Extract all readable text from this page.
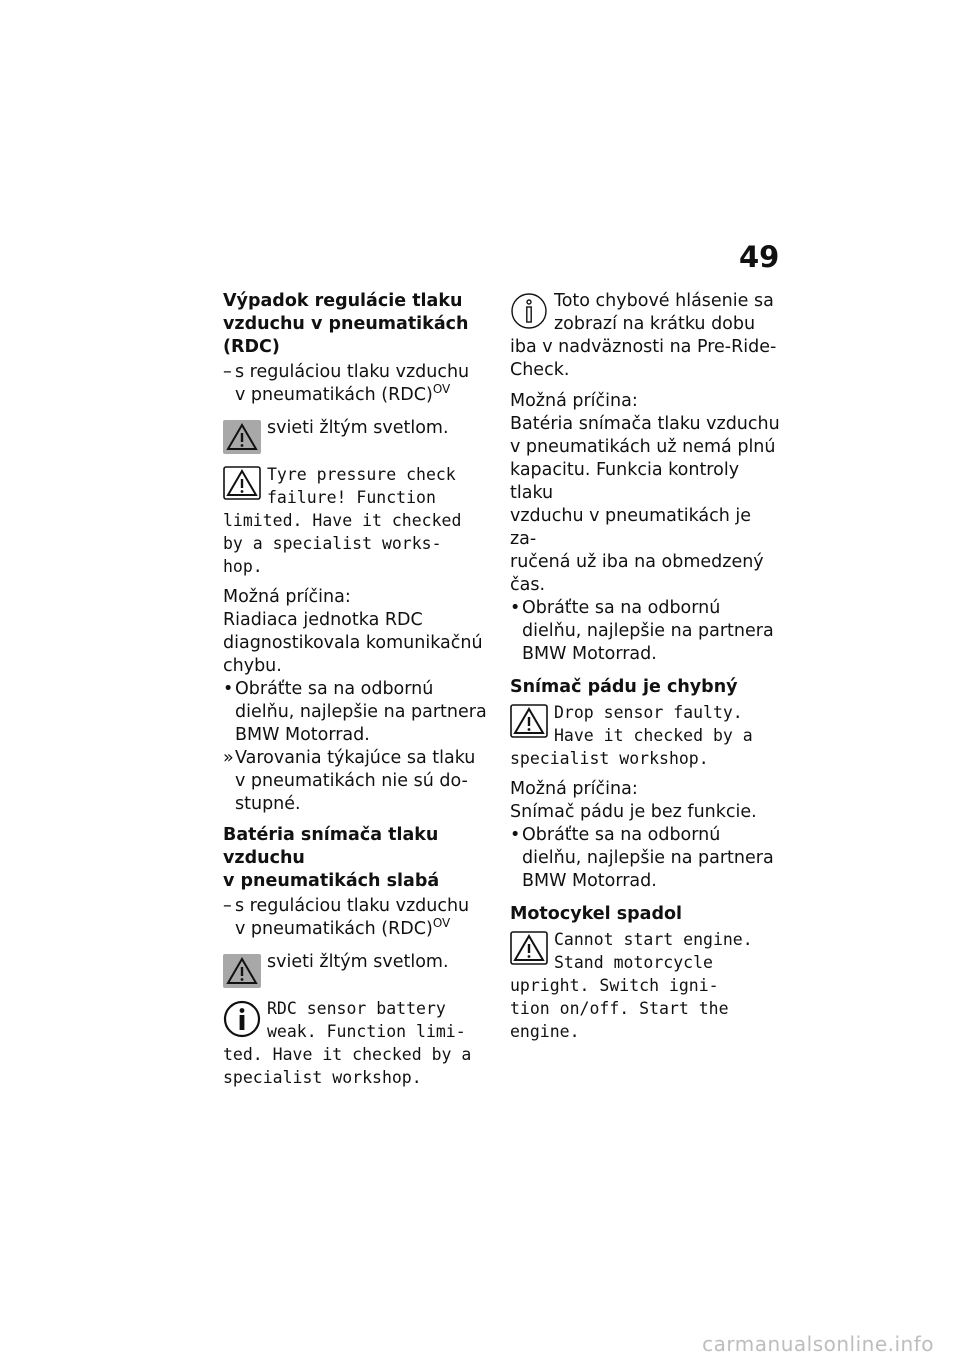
49
Výpadok regulácie tlaku
vzduchu v pneumatikách
(RDC)
– s reguláciou tlaku vzduchu
v pneumatikách (RDC)$^{OV}$
svieti žltým svetlom.
Tyre pressure check
failure! Function
limited. Have it checked
by a specialist works-
hop.

Možná príčina:

Riadiaca jednotka RDC

diagnostikovala komunikačnú

chybu.

• Obráťte sa na odbornú
dielňu, najlepšie na partnera
BMW Motorrad.
» Varovania týkajúce sa tlaku
v pneumatikách nie sú do-
stupné.
Batéria snímača tlaku vzduchu
v pneumatikách slabá
– s reguláciou tlaku vzduchu
v pneumatikách (RDC)$^{OV}$
svieti žltým svetlom.
RDC sensor battery
weak. Function limi-
ted. Have it checked by a
specialist workshop.
Toto chybové hlásenie sa
zobrazí na krátku dobu
iba v nadväznosti na Pre-Ride-
Check.

Možná príčina:

Batéria snímača tlaku vzduchu

v pneumatikách už nemá plnú

kapacitu. Funkcia kontroly tlaku

vzduchu v pneumatikách je za-

ručená už iba na obmedzený

čas.

• Obráťte sa na odbornú
dielňu, najlepšie na partnera
BMW Motorrad.
Snímač pádu je chybný
Drop sensor faulty.
Have it checked by a
specialist workshop.

Možná príčina:

Snímač pádu je bez funkcie.

• Obráťte sa na odbornú
dielňu, najlepšie na partnera
BMW Motorrad.
Motocykel spadol
Cannot start engine.
Stand motorcycle
upright. Switch igni-
tion on/off. Start the
engine.
carmanualsonline.info
